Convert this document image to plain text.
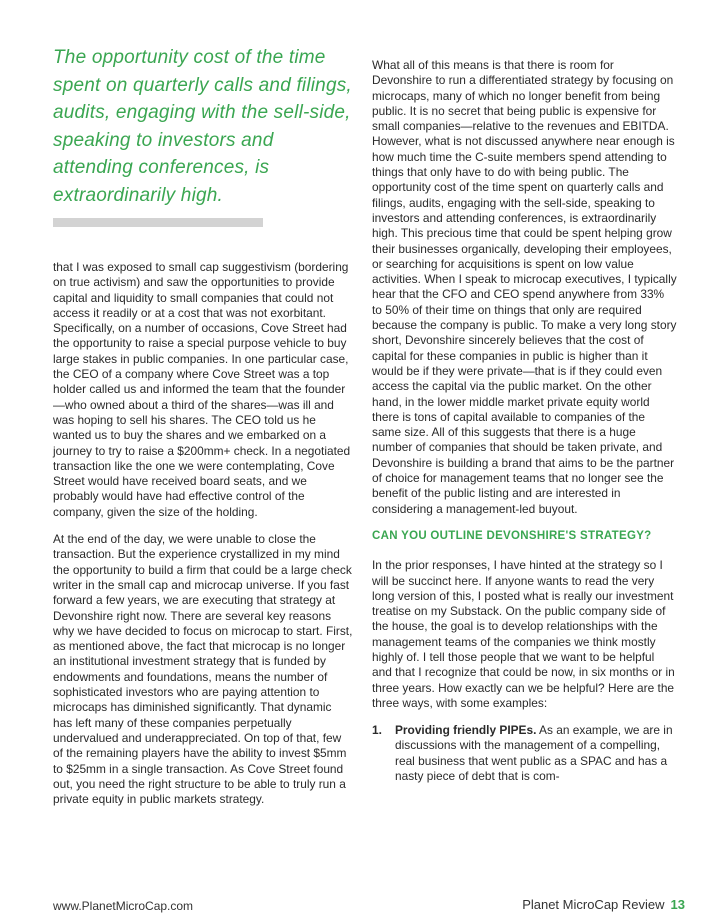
The opportunity cost of the time spent on quarterly calls and filings, audits, engaging with the sell-side, speaking to investors and attending conferences, is extraordinarily high.

that I was exposed to small cap suggestivism (bordering on true activism) and saw the opportunities to provide capital and liquidity to small companies that could not access it readily or at a cost that was not exorbitant. Specifically, on a number of occasions, Cove Street had the opportunity to raise a special purpose vehicle to buy large stakes in public companies. In one particular case, the CEO of a company where Cove Street was a top holder called us and informed the team that the founder—who owned about a third of the shares—was ill and was hoping to sell his shares. The CEO told us he wanted us to buy the shares and we embarked on a journey to try to raise a $200mm+ check. In a negotiated transaction like the one we were contemplating, Cove Street would have received board seats, and we probably would have had effective control of the company, given the size of the holding.

At the end of the day, we were unable to close the transaction. But the experience crystallized in my mind the opportunity to build a firm that could be a large check writer in the small cap and microcap universe. If you fast forward a few years, we are executing that strategy at Devonshire right now. There are several key reasons why we have decided to focus on microcap to start. First, as mentioned above, the fact that microcap is no longer an institutional investment strategy that is funded by endowments and foundations, means the number of sophisticated investors who are paying attention to microcaps has diminished significantly. That dynamic has left many of these companies perpetually undervalued and underappreciated. On top of that, few of the remaining players have the ability to invest $5mm to $25mm in a single transaction. As Cove Street found out, you need the right structure to be able to truly run a private equity in public markets strategy.

What all of this means is that there is room for Devonshire to run a differentiated strategy by focusing on microcaps, many of which no longer benefit from being public. It is no secret that being public is expensive for small companies—relative to the revenues and EBITDA. However, what is not discussed anywhere near enough is how much time the C-suite members spend attending to things that only have to do with being public. The opportunity cost of the time spent on quarterly calls and filings, audits, engaging with the sell-side, speaking to investors and attending conferences, is extraordinarily high. This precious time that could be spent helping grow their businesses organically, developing their employees, or searching for acquisitions is spent on low value activities. When I speak to microcap executives, I typically hear that the CFO and CEO spend anywhere from 33% to 50% of their time on things that only are required because the company is public. To make a very long story short, Devonshire sincerely believes that the cost of capital for these companies in public is higher than it would be if they were private—that is if they could even access the capital via the public market. On the other hand, in the lower middle market private equity world there is tons of capital available to companies of the same size. All of this suggests that there is a huge number of companies that should be taken private, and Devonshire is building a brand that aims to be the partner of choice for management teams that no longer see the benefit of the public listing and are interested in considering a management-led buyout.

CAN YOU OUTLINE DEVONSHIRE'S STRATEGY?

In the prior responses, I have hinted at the strategy so I will be succinct here. If anyone wants to read the very long version of this, I posted what is really our investment treatise on my Substack. On the public company side of the house, the goal is to develop relationships with the management teams of the companies we think mostly highly of. I tell those people that we want to be helpful and that I recognize that could be now, in six months or in three years. How exactly can we be helpful? Here are the three ways, with some examples:

1. Providing friendly PIPEs. As an example, we are in discussions with the management of a compelling, real business that went public as a SPAC and has a nasty piece of debt that is com-
www.PlanetMicroCap.com	Planet MicroCap Review 13
